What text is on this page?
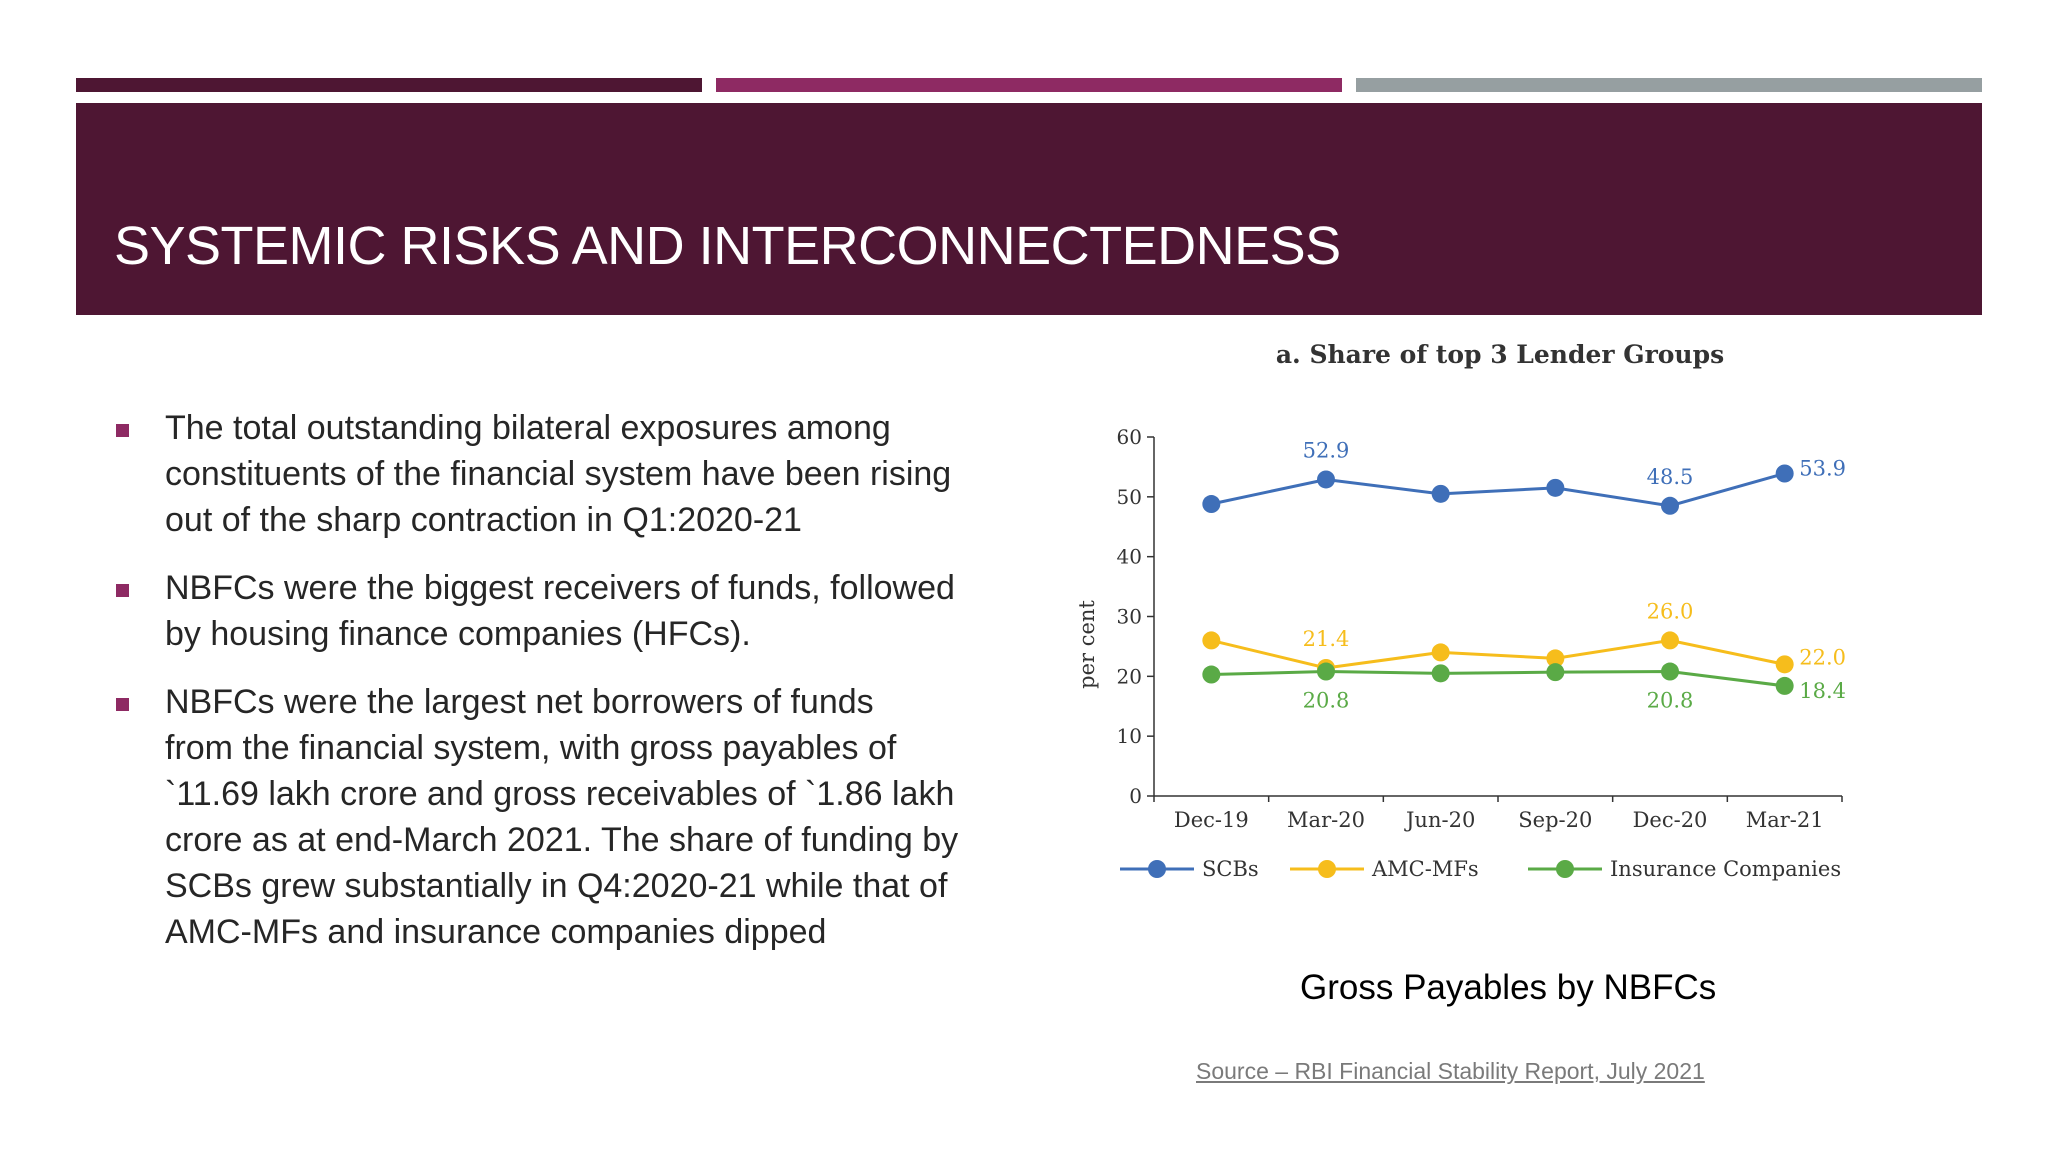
SYSTEMIC RISKS AND INTERCONNECTEDNESS
The total outstanding bilateral exposures among
constituents of the financial system have been rising
out of the sharp contraction in Q1:2020-21
NBFCs were the biggest receivers of funds, followed
by housing finance companies (HFCs).
NBFCs were the largest net borrowers of funds
from the financial system, with gross payables of
`11.69 lakh crore and gross receivables of `1.86 lakh
crore as at end-March 2021. The share of funding by
SCBs grew substantially in Q4:2020-21 while that of
AMC-MFs and insurance companies dipped
a. Share of top 3 Lender Groups
0
10
20
30
40
50
60
Dec-19 Mar-20 Jun-20 Sep-20 Dec-20 Mar-21
per cent
52.9
48.5	53.9
21.4
26.0
22.0
20.8	20.8	18.4
SCBs	AMC-MFs	Insurance Companies
Gross Payables by NBFCs
Source – RBI Financial Stability Report, July 2021
